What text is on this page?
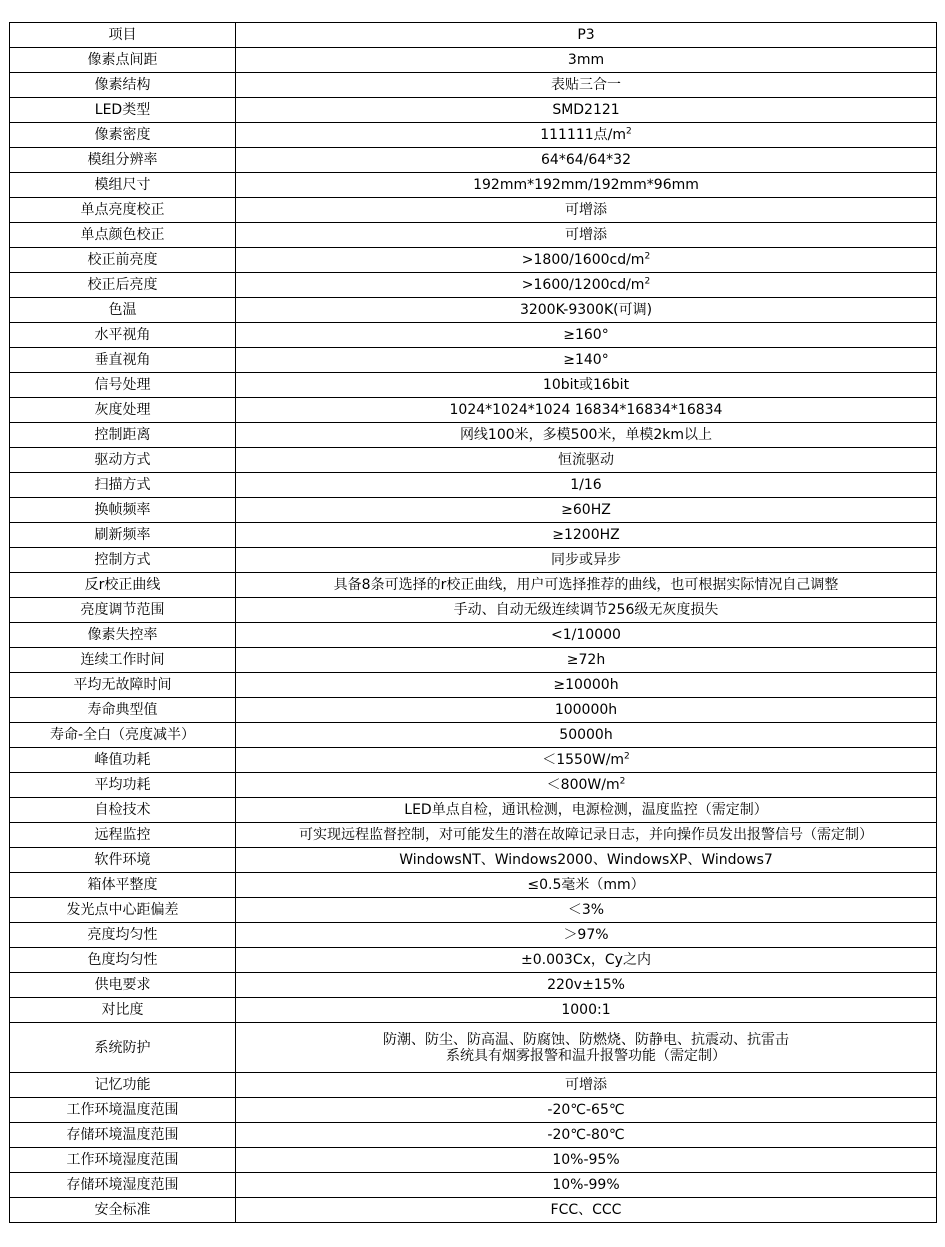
项目	P3
像素点间距	3mm
像素结构	表贴三合一
LED类型	SMD2121
像素密度	111111点$/m^2$
模组分辨率	64*64/64*32
模组尺寸	192mm*192mm/192mm*96mm
单点亮度校正	可增添
单点颜色校正	可增添
校正前亮度	$>1800/1600cd/m^2$
校正后亮度	$>1600/1200cd/m^2$
色温	3200K-9300K(可调)
水平视角	≥160°
垂直视角	≥140°
信号处理	10bit或16bit
灰度处理	1024*1024*1024 16834*16834*16834
控制距离	网线100米，多模500米，单模2km以上
驱动方式	恒流驱动
扫描方式	1/16
换帧频率	≥60HZ
刷新频率	≥1200HZ
控制方式	同步或异步
反r校正曲线	具备8条可选择的r校正曲线，用户可选择推荐的曲线，也可根据实际情况自己调整
亮度调节范围	手动、自动无级连续调节256级无灰度损失
像素失控率	<1/10000
连续工作时间	≥72h
平均无故障时间	≥10000h
寿命典型值	100000h
寿命-全白（亮度减半）	50000h
峰值功耗	$<1550W/m^2$
平均功耗	$<800W/m^2$
自检技术	LED单点自检，通讯检测，电源检测，温度监控（需定制）
远程监控	可实现远程监督控制，对可能发生的潜在故障记录日志，并向操作员发出报警信号（需定制）
软件环境	WindowsNT、Windows2000、WindowsXP、Windows7
箱体平整度	≤0.5毫米（mm）
发光点中心距偏差	＜3%
亮度均匀性	＞97%
色度均匀性	±0.003Cx，Cy之内
供电要求	220v±15%
对比度	1000:1
系统防护	防潮、防尘、防高温、防腐蚀、防燃烧、防静电、抗震动、抗雷击
系统具有烟雾报警和温升报警功能（需定制）
记忆功能	可增添
工作环境温度范围	-20℃-65℃
存储环境温度范围	-20℃-80℃
工作环境湿度范围	10%-95%
存储环境湿度范围	10%-99%
安全标准	FCC、CCC
